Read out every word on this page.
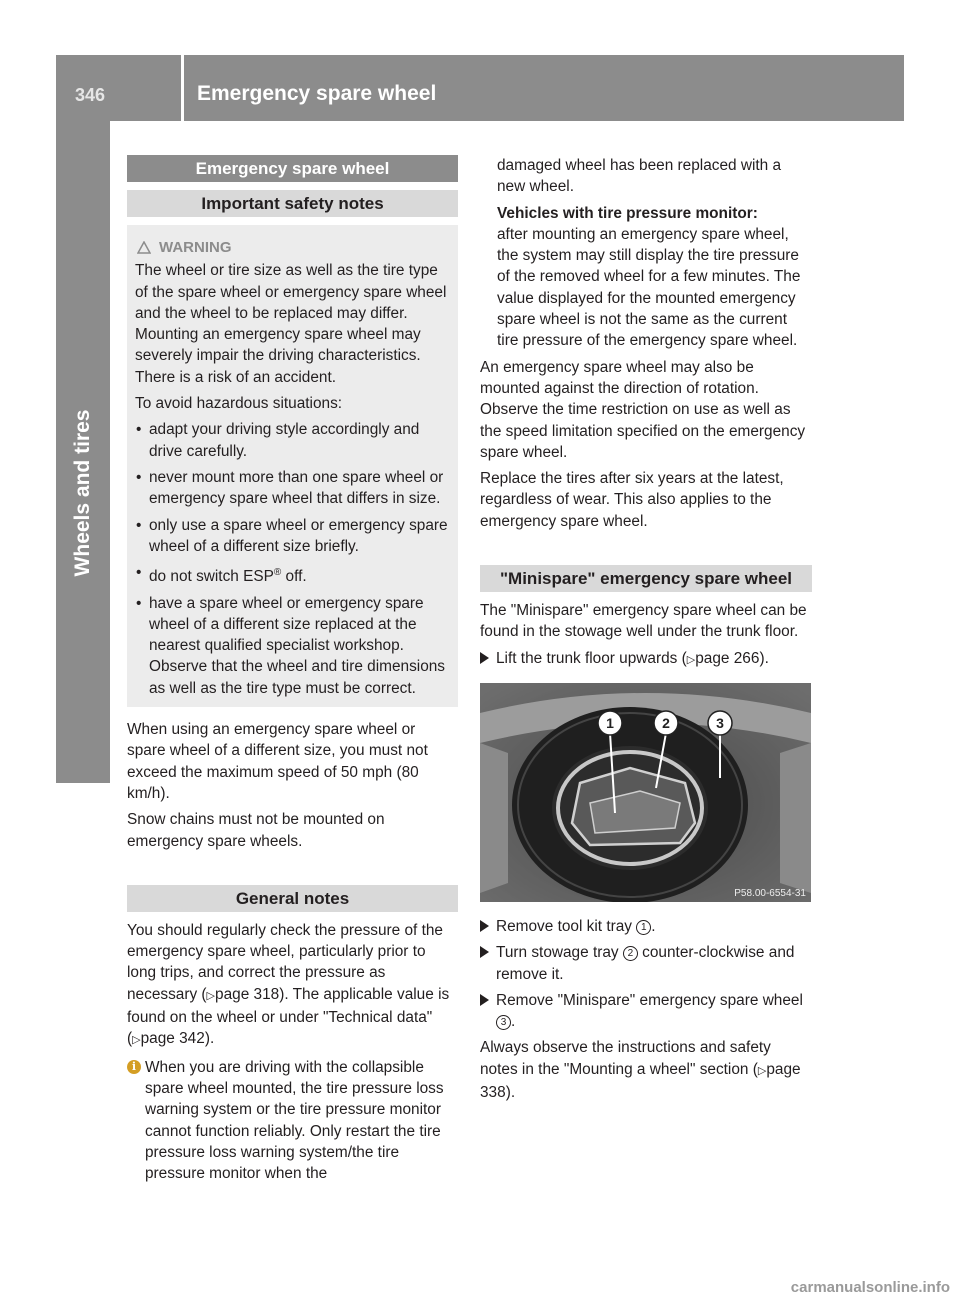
346	Emergency spare wheel
Wheels and tires
Emergency spare wheel
Important safety notes
WARNING

The wheel or tire size as well as the tire type of the spare wheel or emergency spare wheel and the wheel to be replaced may differ. Mounting an emergency spare wheel may severely impair the driving characteristics. There is a risk of an accident.

To avoid hazardous situations:

• adapt your driving style accordingly and drive carefully.
• never mount more than one spare wheel or emergency spare wheel that differs in size.
• only use a spare wheel or emergency spare wheel of a different size briefly.
• do not switch ESP® off.
• have a spare wheel or emergency spare wheel of a different size replaced at the nearest qualified specialist workshop. Observe that the wheel and tire dimensions as well as the tire type must be correct.

When using an emergency spare wheel or spare wheel of a different size, you must not exceed the maximum speed of 50 mph (80 km/h).

Snow chains must not be mounted on emergency spare wheels.

General notes

You should regularly check the pressure of the emergency spare wheel, particularly prior to long trips, and correct the pressure as necessary (▷page 318). The applicable value is found on the wheel or under "Technical data" (▷page 342).

i When you are driving with the collapsible spare wheel mounted, the tire pressure loss warning system or the tire pressure monitor cannot function reliably. Only restart the tire pressure loss warning system/the tire pressure monitor when the

damaged wheel has been replaced with a new wheel.

Vehicles with tire pressure monitor:

after mounting an emergency spare wheel, the system may still display the tire pressure of the removed wheel for a few minutes. The value displayed for the mounted emergency spare wheel is not the same as the current tire pressure of the emergency spare wheel.

An emergency spare wheel may also be mounted against the direction of rotation. Observe the time restriction on use as well as the speed limitation specified on the emergency spare wheel.

Replace the tires after six years at the latest, regardless of wear. This also applies to the emergency spare wheel.

"Minispare" emergency spare wheel

The "Minispare" emergency spare wheel can be found in the stowage well under the trunk floor.

Lift the trunk floor upwards (▷page 266).
1	2	3
P58.00-6554-31
Remove tool kit tray 1 .
Turn stowage tray 2 counter-clockwise and remove it.
Remove "Minispare" emergency spare wheel 3 .

Always observe the instructions and safety notes in the "Mounting a wheel" section (▷page 338).

carmanualsonline.info
